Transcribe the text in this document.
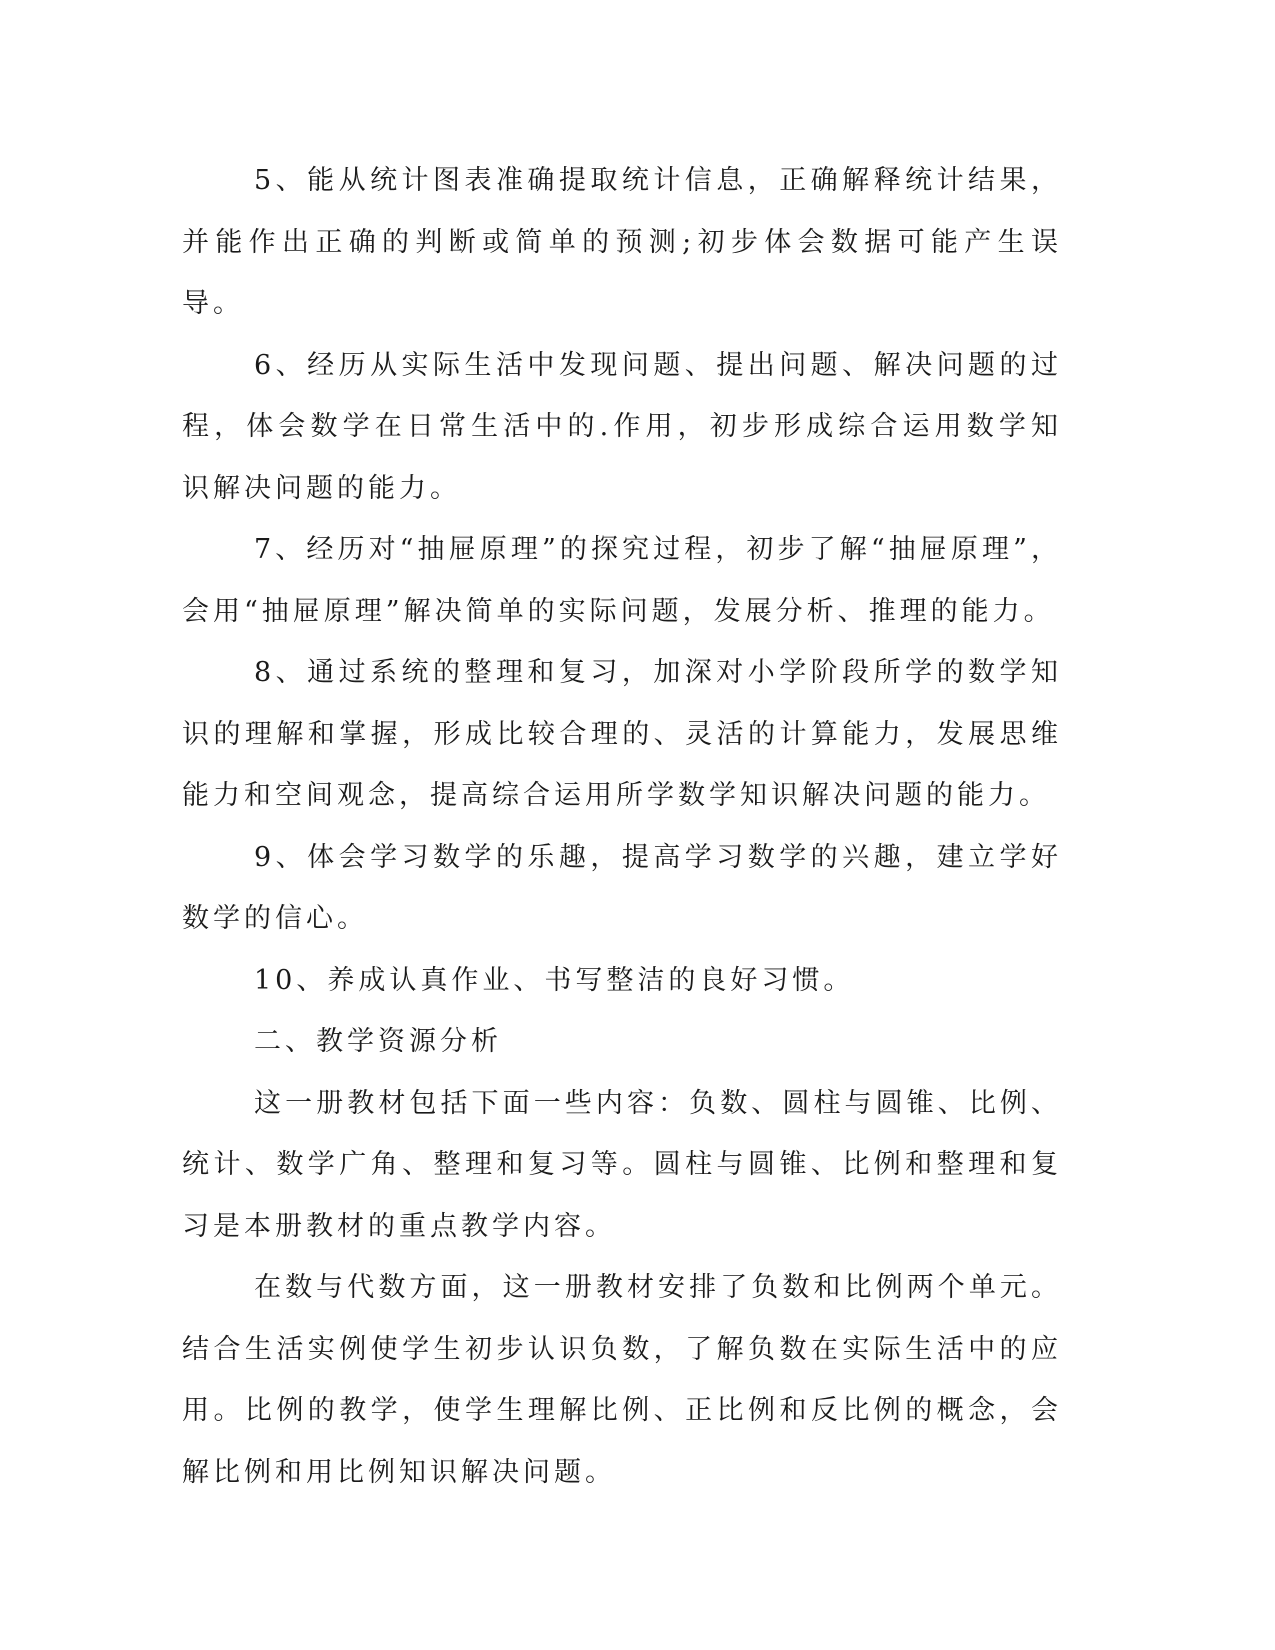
5、能从统计图表准确提取统计信息，正确解释统计结果，并能作出正确的判断或简单的预测;初步体会数据可能产生误导。

6、经历从实际生活中发现问题、提出问题、解决问题的过程，体会数学在日常生活中的.作用，初步形成综合运用数学知识解决问题的能力。

7、经历对“抽屉原理”的探究过程，初步了解“抽屉原理”，会用“抽屉原理”解决简单的实际问题，发展分析、推理的能力。

8、通过系统的整理和复习，加深对小学阶段所学的数学知识的理解和掌握，形成比较合理的、灵活的计算能力，发展思维能力和空间观念，提高综合运用所学数学知识解决问题的能力。

9、体会学习数学的乐趣，提高学习数学的兴趣，建立学好数学的信心。

10、养成认真作业、书写整洁的良好习惯。

二、教学资源分析

这一册教材包括下面一些内容：负数、圆柱与圆锥、比例、统计、数学广角、整理和复习等。圆柱与圆锥、比例和整理和复习是本册教材的重点教学内容。

在数与代数方面，这一册教材安排了负数和比例两个单元。结合生活实例使学生初步认识负数，了解负数在实际生活中的应用。比例的教学，使学生理解比例、正比例和反比例的概念，会解比例和用比例知识解决问题。
